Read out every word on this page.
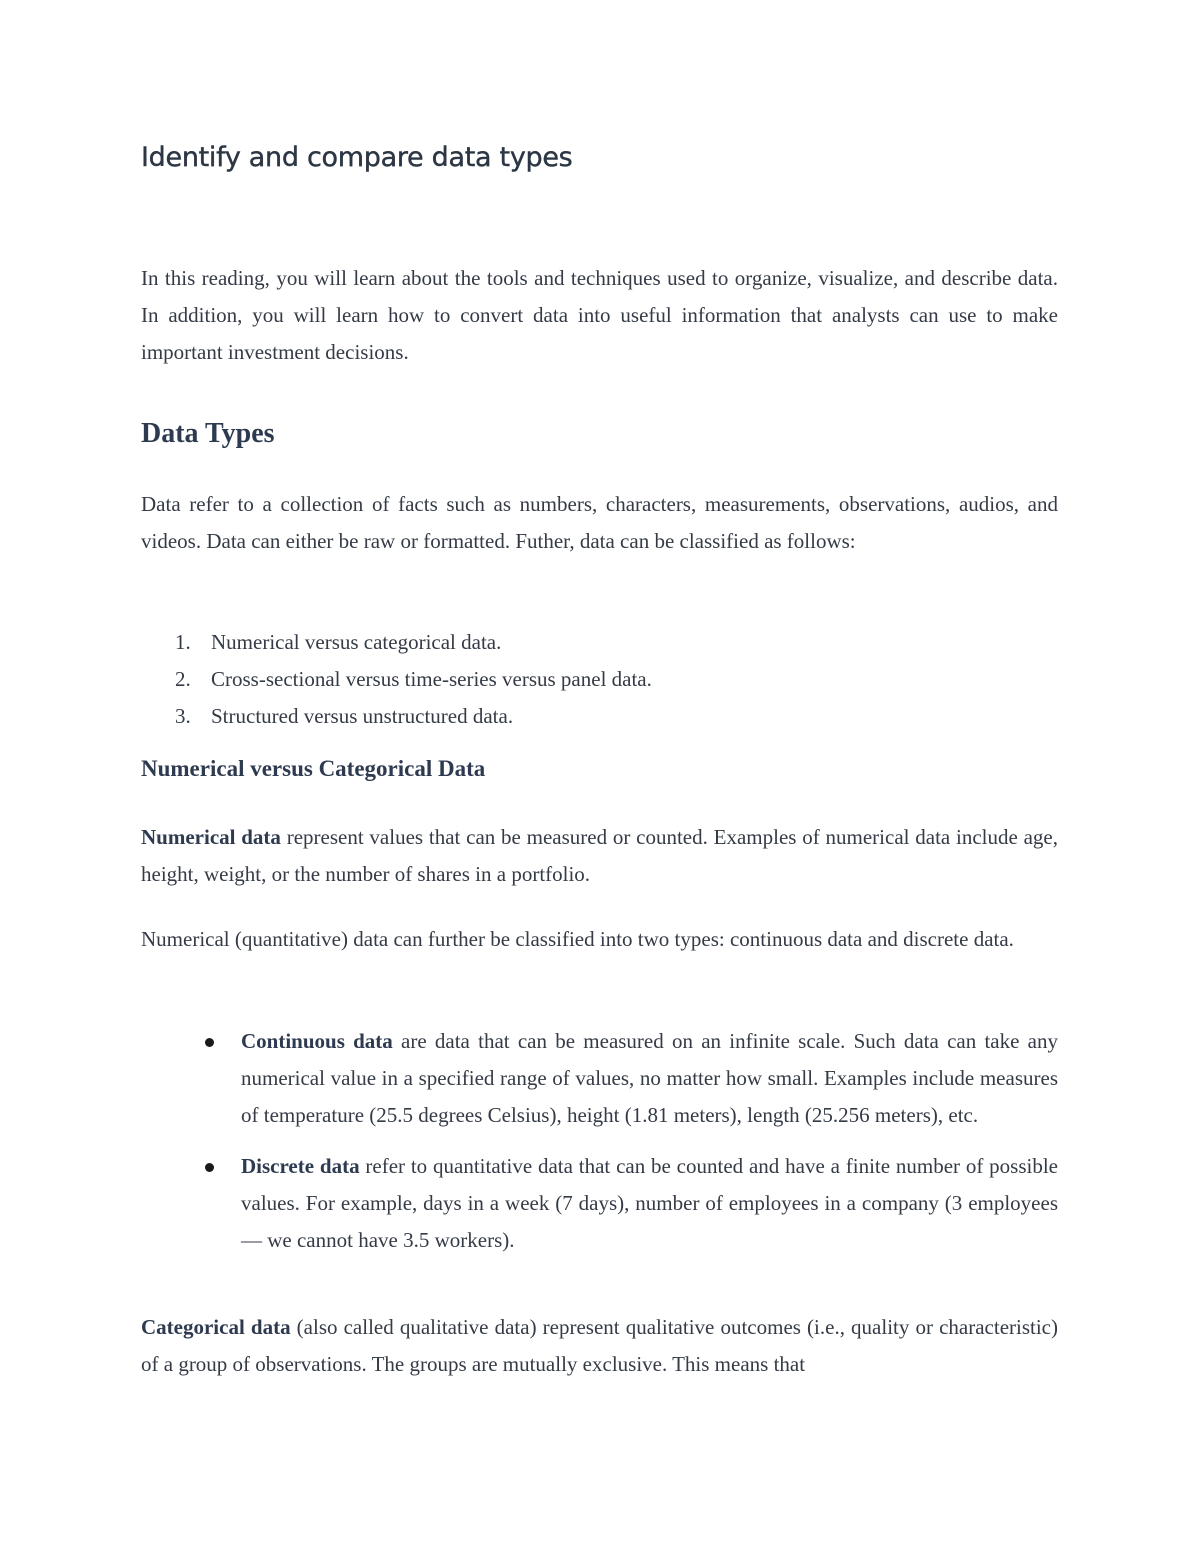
Identify and compare data types

In this reading, you will learn about the tools and techniques used to organize, visualize, and describe data. In addition, you will learn how to convert data into useful information that analysts can use to make important investment decisions.

Data Types

Data refer to a collection of facts such as numbers, characters, measurements, observations, audios, and videos. Data can either be raw or formatted. Futher, data can be classified as follows:

1. Numerical versus categorical data.
2. Cross-sectional versus time-series versus panel data.
3. Structured versus unstructured data.
Numerical versus Categorical Data

Numerical data represent values that can be measured or counted. Examples of numerical data include age, height, weight, or the number of shares in a portfolio.

Numerical (quantitative) data can further be classified into two types: continuous data and discrete data.

Continuous data are data that can be measured on an infinite scale. Such data can take any numerical value in a specified range of values, no matter how small. Examples include measures of temperature (25.5 degrees Celsius), height (1.81 meters), length (25.256 meters), etc.
Discrete data refer to quantitative data that can be counted and have a finite number of possible values. For example, days in a week (7 days), number of employees in a company (3 employees — we cannot have 3.5 workers).

Categorical data (also called qualitative data) represent qualitative outcomes (i.e., quality or characteristic) of a group of observations. The groups are mutually exclusive. This means that
